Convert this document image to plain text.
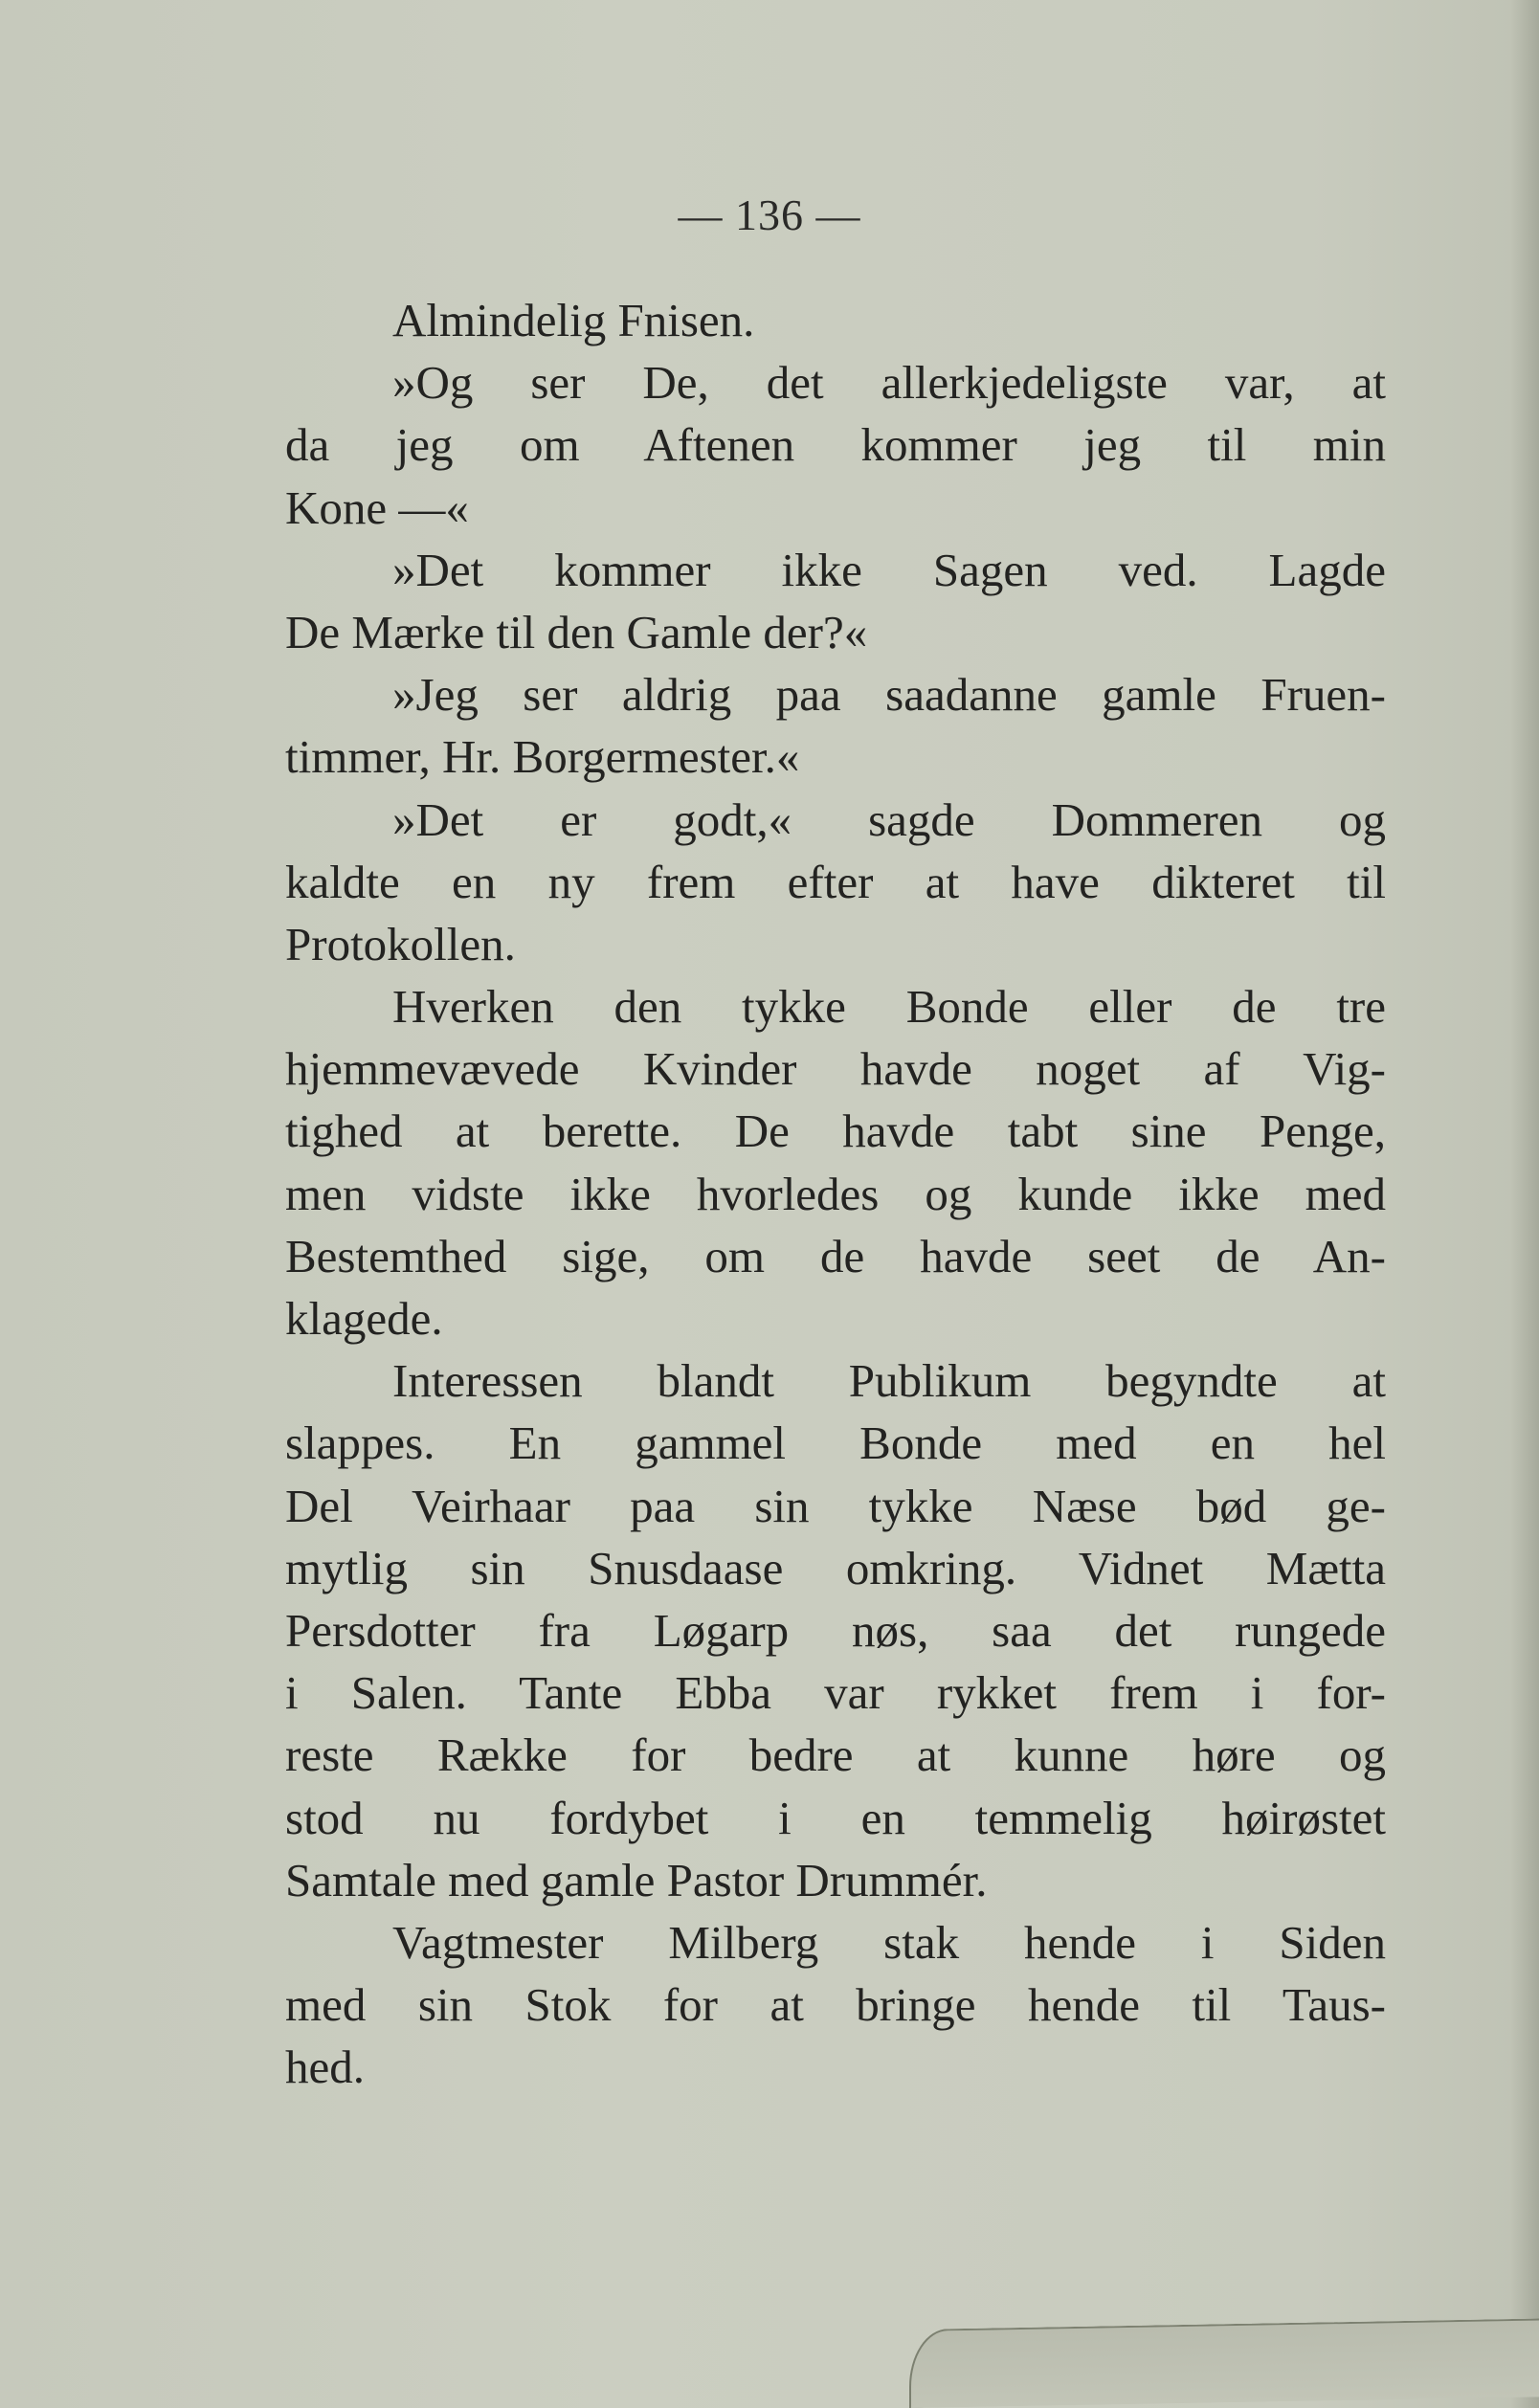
— 136 —
Almindelig Fnisen.
»Og ser De, det allerkjedeligste var, at
da jeg om Aftenen kommer jeg til min
Kone —«
»Det kommer ikke Sagen ved. Lagde
De Mærke til den Gamle der?«
»Jeg ser aldrig paa saadanne gamle Fruen-
timmer, Hr. Borgermester.«
»Det er godt,« sagde Dommeren og
kaldte en ny frem efter at have dikteret til
Protokollen.
Hverken den tykke Bonde eller de tre
hjemmevævede Kvinder havde noget af Vig-
tighed at berette. De havde tabt sine Penge,
men vidste ikke hvorledes og kunde ikke med
Bestemthed sige, om de havde seet de An-
klagede.
Interessen blandt Publikum begyndte at
slappes. En gammel Bonde med en hel
Del Veirhaar paa sin tykke Næse bød ge-
mytlig sin Snusdaase omkring. Vidnet Mætta
Persdotter fra Løgarp nøs, saa det rungede
i Salen. Tante Ebba var rykket frem i for-
reste Række for bedre at kunne høre og
stod nu fordybet i en temmelig høirøstet
Samtale med gamle Pastor Drummér.
Vagtmester Milberg stak hende i Siden
med sin Stok for at bringe hende til Taus-
hed.
